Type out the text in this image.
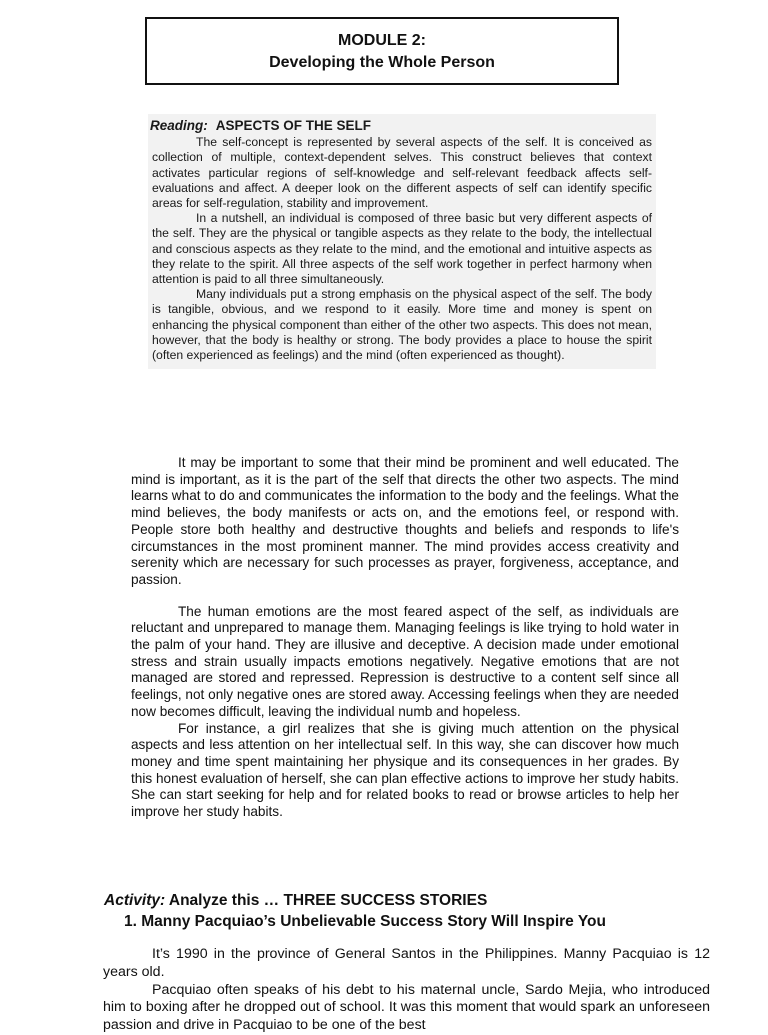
MODULE 2:
Developing the Whole Person
Reading: ASPECTS OF THE SELF

The self-concept is represented by several aspects of the self. It is conceived as collection of multiple, context-dependent selves. This construct believes that context activates particular regions of self-knowledge and self-relevant feedback affects self-evaluations and affect. A deeper look on the different aspects of self can identify specific areas for self-regulation, stability and improvement.

In a nutshell, an individual is composed of three basic but very different aspects of the self. They are the physical or tangible aspects as they relate to the body, the intellectual and conscious aspects as they relate to the mind, and the emotional and intuitive aspects as they relate to the spirit. All three aspects of the self work together in perfect harmony when attention is paid to all three simultaneously.

Many individuals put a strong emphasis on the physical aspect of the self. The body is tangible, obvious, and we respond to it easily. More time and money is spent on enhancing the physical component than either of the other two aspects. This does not mean, however, that the body is healthy or strong. The body provides a place to house the spirit (often experienced as feelings) and the mind (often experienced as thought).

It may be important to some that their mind be prominent and well educated. The mind is important, as it is the part of the self that directs the other two aspects. The mind learns what to do and communicates the information to the body and the feelings. What the mind believes, the body manifests or acts on, and the emotions feel, or respond with. People store both healthy and destructive thoughts and beliefs and responds to life's circumstances in the most prominent manner. The mind provides access creativity and serenity which are necessary for such processes as prayer, forgiveness, acceptance, and passion.

The human emotions are the most feared aspect of the self, as individuals are reluctant and unprepared to manage them. Managing feelings is like trying to hold water in the palm of your hand. They are illusive and deceptive. A decision made under emotional stress and strain usually impacts emotions negatively. Negative emotions that are not managed are stored and repressed. Repression is destructive to a content self since all feelings, not only negative ones are stored away. Accessing feelings when they are needed now becomes difficult, leaving the individual numb and hopeless.

For instance, a girl realizes that she is giving much attention on the physical aspects and less attention on her intellectual self. In this way, she can discover how much money and time spent maintaining her physique and its consequences in her grades. By this honest evaluation of herself, she can plan effective actions to improve her study habits. She can start seeking for help and for related books to read or browse articles to help her improve her study habits.

Activity: Analyze this … THREE SUCCESS STORIES
1. Manny Pacquiao’s Unbelievable Success Story Will Inspire You

It’s 1990 in the province of General Santos in the Philippines. Manny Pacquiao is 12 years old.

Pacquiao often speaks of his debt to his maternal uncle, Sardo Mejia, who introduced him to boxing after he dropped out of school. It was this moment that would spark an unforeseen passion and drive in Pacquiao to be one of the best
